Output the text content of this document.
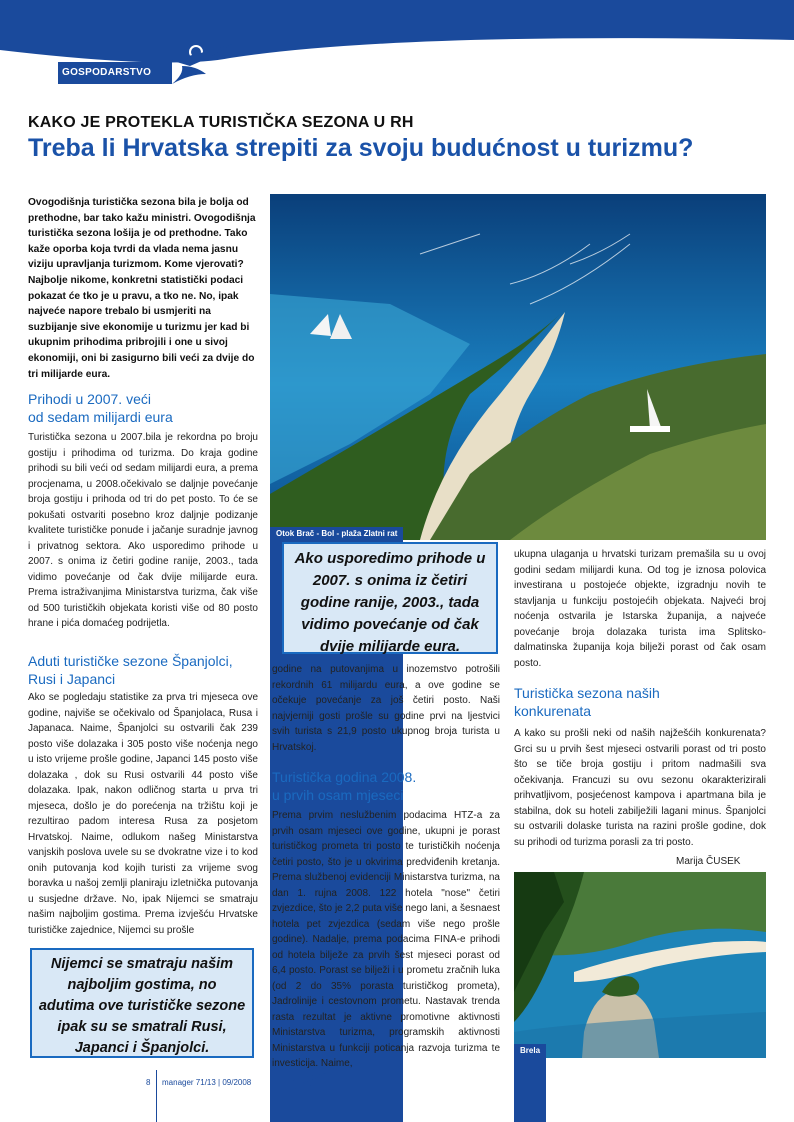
GOSPODARSTVO
KAKO JE PROTEKLA TURISTIČKA SEZONA U RH
Treba li Hrvatska strepiti za svoju budućnost u turizmu?
Ovogodišnja turistička sezona bila je bolja od prethodne, bar tako kažu ministri. Ovogodišnja turistička sezona lošija je od prethodne. Tako kaže oporba koja tvrdi da vlada nema jasnu viziju upravljanja turizmom. Kome vjerovati? Najbolje nikome, konkretni statistički podaci pokazat će tko je u pravu, a tko ne. No, ipak najveće napore trebalo bi usmjeriti na suzbijanje sive ekonomije u turizmu jer kad bi ukupnim prihodima pribrojili i one u sivoj ekonomiji, oni bi zasigurno bili veći za dvije do tri milijarde eura.
Prihodi u 2007. veći
od sedam milijardi eura
Turistička sezona u 2007.bila je rekordna po broju gostiju i prihodima od turizma. Do kraja godine prihodi su bili veći od sedam milijardi eura, a prema procjenama, u 2008.očekivalo se daljnje povećanje broja gostiju i prihoda od tri do pet posto. To će se pokušati ostvariti posebno kroz daljnje podizanje kvalitete turističke ponude i jačanje suradnje javnog i privatnog sektora. Ako usporedimo prihode u 2007. s onima iz četiri godine ranije, 2003., tada vidimo povećanje od čak dvije milijarde eura. Prema istraživanjima Ministarstva turizma, čak više od 500 turističkih objekata koristi više od 80 posto hrane i pića domaćeg podrijetla.
Aduti turističke sezone Španjolci,
Rusi i Japanci
Ako se pogledaju statistike za prva tri mjeseca ove godine, najviše se očekivalo od Španjolaca, Rusa i Japanaca. Naime, Španjolci su ostvarili čak 239 posto više dolazaka i 305 posto više noćenja nego u isto vrijeme prošle godine, Japanci 145 posto više dolazaka , dok su Rusi ostvarili 44 posto više dolazaka. Ipak, nakon odličnog starta u prva tri mjeseca, došlo je do porećenja na tržištu koji je rezultirao padom interesa Rusa za posjetom Hrvatskoj. Naime, odlukom našeg Ministarstva vanjskih poslova uvele su se dvokratne vize i to kod onih putovanja kod kojih turisti za vrijeme svog boravka u našoj zemlji planiraju izletnička putovanja u susjedne države. No, ipak Nijemci se smatraju našim najboljim gostima. Prema izvješću Hrvatske turističke zajednice, Nijemci su prošle
Nijemci se smatraju našim najboljim gostima, no adutima ove turističke sezone ipak su se smatrali Rusi, Japanci i Španjolci.
Otok Brač - Bol - plaža Zlatni rat
Ako usporedimo prihode u 2007. s onima iz četiri godine ranije, 2003., tada vidimo povećanje od čak dvije milijarde eura.
godine na putovanjima u inozemstvo potrošili rekordnih 61 milijardu eura, a ove godine se očekuje povećanje za još četiri posto. Naši najvjerniji gosti prošle su godine prvi na ljestvici svih turista s 21,9 posto ukupnog broja turista u Hrvatskoj.
Turistička godina 2008.
u prvih osam mjeseci
Prema prvim neslužbenim podacima HTZ-a za prvih osam mjeseci ove godine, ukupni je porast turističkog prometa tri posto te turističkih noćenja četiri posto, što je u okvirima predviđenih kretanja. Prema službenoj evidenciji Ministarstva turizma, na dan 1. rujna 2008. 122 hotela "nose" četiri zvjezdice, što je 2,2 puta više nego lani, a šesnaest hotela pet zvjezdica (sedam više nego prošle godine). Nadalje, prema podacima FINA-e prihodi od hotela bilježe za prvih šest mjeseci porast od 6,4 posto. Porast se bilježi i u prometu zračnih luka (od 2 do 35% porasta turističkog prometa), Jadrolinije i cestovnom prometu. Nastavak trenda rasta rezultat je aktivne promotivne aktivnosti Ministarstva turizma, programskih aktivnosti Ministarstva u funkciji poticanja razvoja turizma te investicija. Naime,
ukupna ulaganja u hrvatski turizam premašila su u ovoj godini sedam milijardi kuna. Od tog je iznosa polovica investirana u postojeće objekte, izgradnju novih te stavljanja u funkciju postojećih objekata. Najveći broj noćenja ostvarila je Istarska županija, a najveće povećanje broja dolazaka turista ima Splitsko-dalmatinska županija koja bilježi porast od čak osam posto.
Turistička sezona naših
konkurenata
A kako su prošli neki od naših najžešćih konkurenata? Grci su u prvih šest mjeseci ostvarili porast od tri posto što se tiče broja gostiju i pritom nadmašili sva očekivanja. Francuzi su ovu sezonu okarakterizirali prihvatljivom, posjećenost kampova i apartmana bila je stabilna, dok su hoteli zabilježili lagani minus. Španjolci su ostvarili dolaske turista na razini prošle godine, dok su prihodi od turizma porasli za tri posto.
Marija ČUSEK
Brela
8 manager 71/13 | 09/2008
